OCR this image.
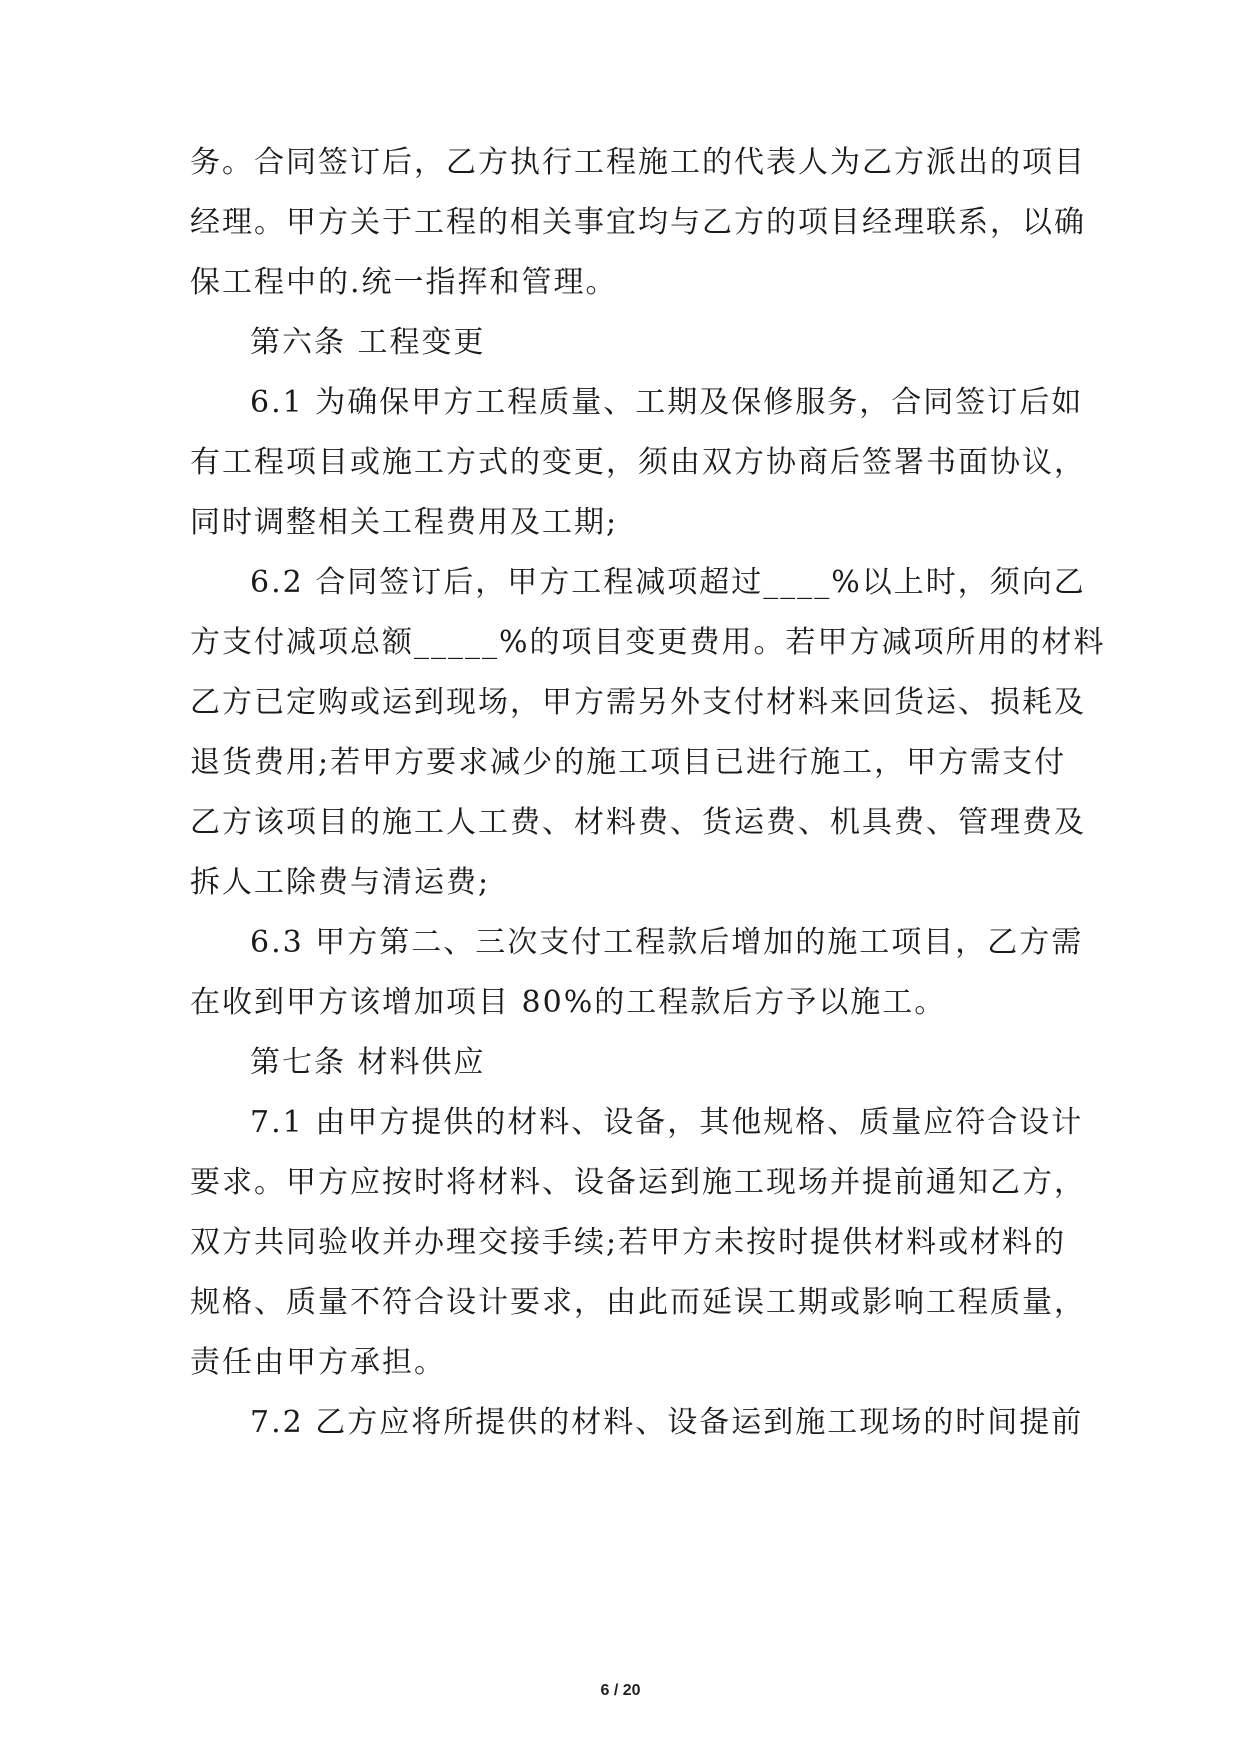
务。合同签订后，乙方执行工程施工的代表人为乙方派出的项目
经理。甲方关于工程的相关事宜均与乙方的项目经理联系，以确
保工程中的.统一指挥和管理。
第六条 工程变更
6.1 为确保甲方工程质量、工期及保修服务，合同签订后如
有工程项目或施工方式的变更，须由双方协商后签署书面协议，
同时调整相关工程费用及工期;
6.2 合同签订后，甲方工程减项超过____%以上时，须向乙
方支付减项总额_____%的项目变更费用。若甲方减项所用的材料
乙方已定购或运到现场，甲方需另外支付材料来回货运、损耗及
退货费用;若甲方要求减少的施工项目已进行施工，甲方需支付
乙方该项目的施工人工费、材料费、货运费、机具费、管理费及
拆人工除费与清运费;
6.3 甲方第二、三次支付工程款后增加的施工项目，乙方需
在收到甲方该增加项目 80%的工程款后方予以施工。
第七条 材料供应
7.1 由甲方提供的材料、设备，其他规格、质量应符合设计
要求。甲方应按时将材料、设备运到施工现场并提前通知乙方，
双方共同验收并办理交接手续;若甲方未按时提供材料或材料的
规格、质量不符合设计要求，由此而延误工期或影响工程质量，
责任由甲方承担。
7.2 乙方应将所提供的材料、设备运到施工现场的时间提前
6 / 20
